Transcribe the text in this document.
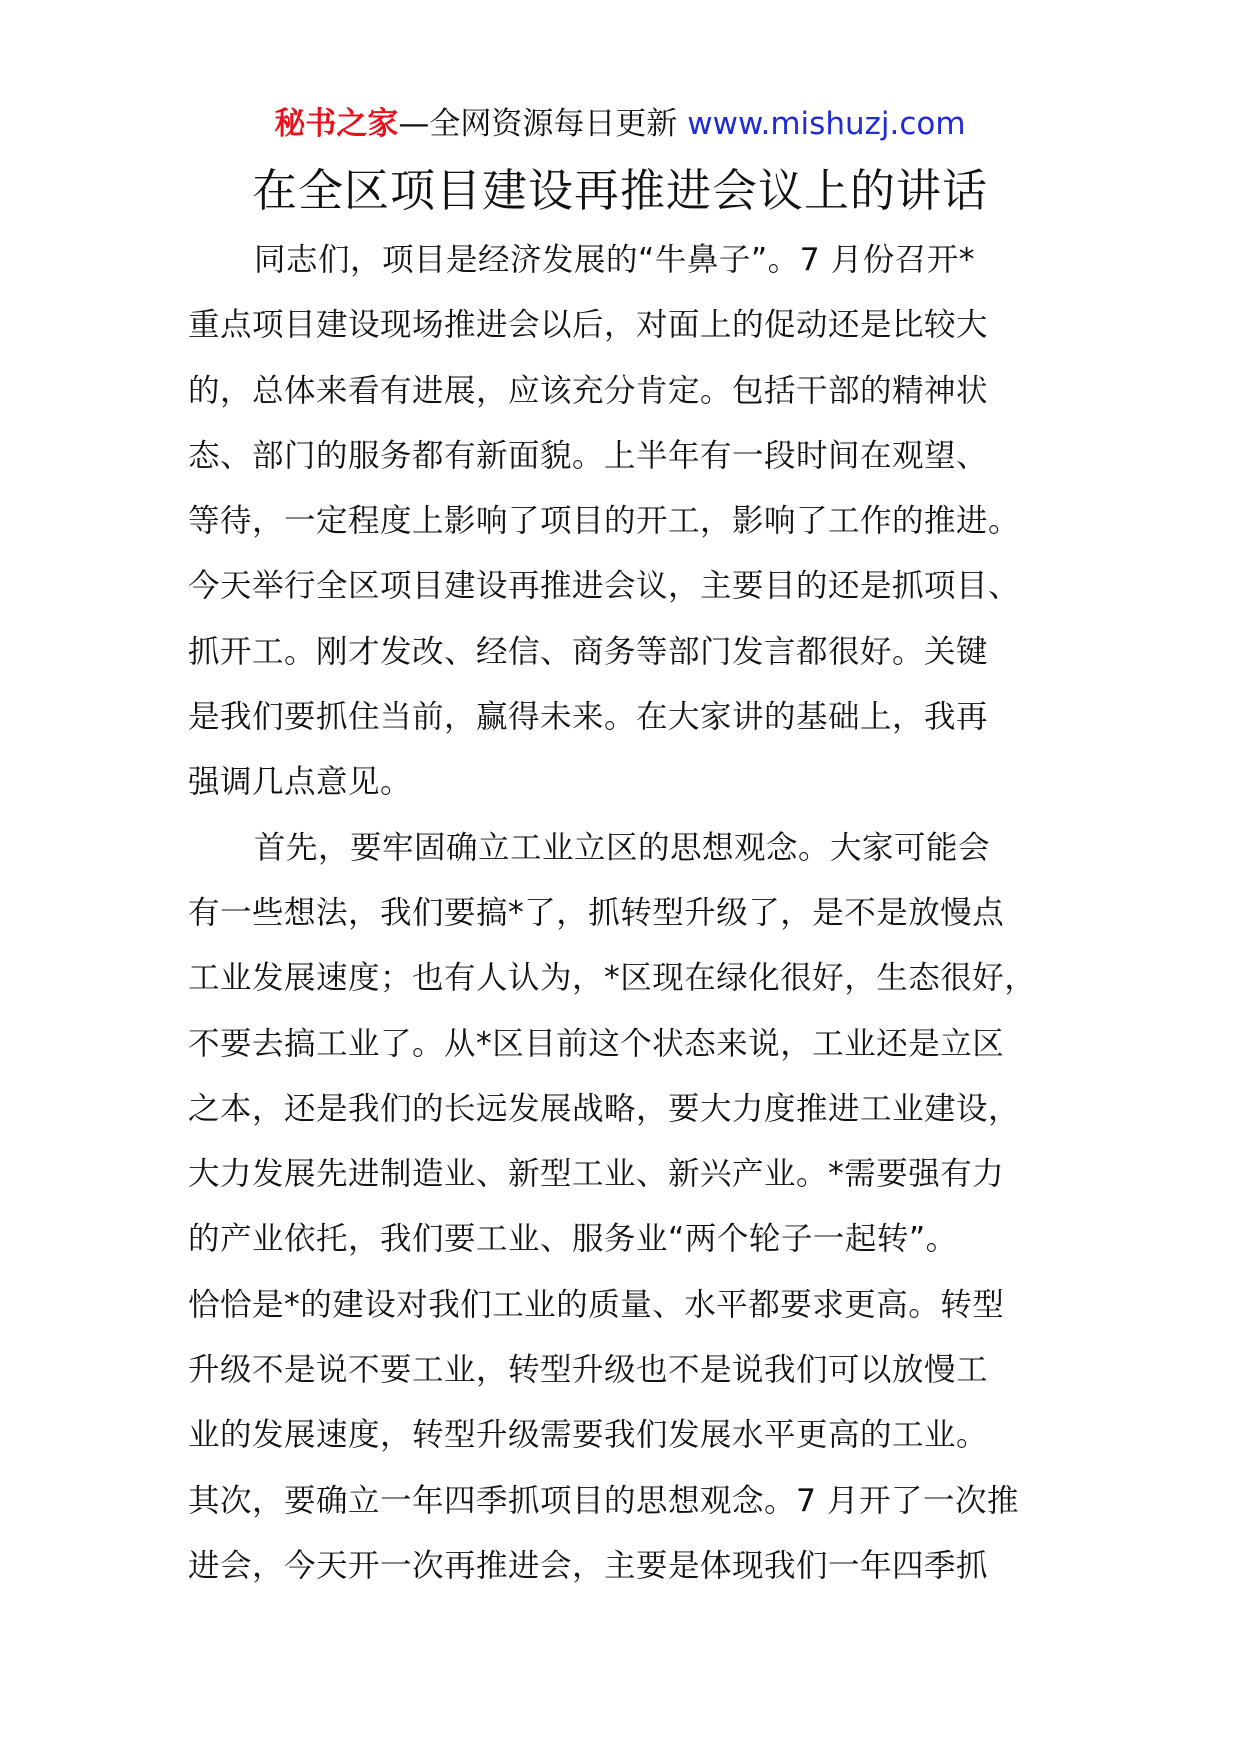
秘书之家—全网资源每日更新 www.mishuzj.com
在全区项目建设再推进会议上的讲话
同志们，项目是经济发展的“牛鼻子”。7 月份召开*
重点项目建设现场推进会以后，对面上的促动还是比较大
的，总体来看有进展，应该充分肯定。包括干部的精神状
态、部门的服务都有新面貌。上半年有一段时间在观望、
等待，一定程度上影响了项目的开工，影响了工作的推进。
今天举行全区项目建设再推进会议，主要目的还是抓项目、
抓开工。刚才发改、经信、商务等部门发言都很好。关键
是我们要抓住当前，赢得未来。在大家讲的基础上，我再
强调几点意见。
首先，要牢固确立工业立区的思想观念。大家可能会
有一些想法，我们要搞*了，抓转型升级了，是不是放慢点
工业发展速度；也有人认为，*区现在绿化很好，生态很好，
不要去搞工业了。从*区目前这个状态来说，工业还是立区
之本，还是我们的长远发展战略，要大力度推进工业建设，
大力发展先进制造业、新型工业、新兴产业。*需要强有力
的产业依托，我们要工业、服务业“两个轮子一起转”。
恰恰是*的建设对我们工业的质量、水平都要求更高。转型
升级不是说不要工业，转型升级也不是说我们可以放慢工
业的发展速度，转型升级需要我们发展水平更高的工业。
其次，要确立一年四季抓项目的思想观念。7 月开了一次推
进会，今天开一次再推进会，主要是体现我们一年四季抓
